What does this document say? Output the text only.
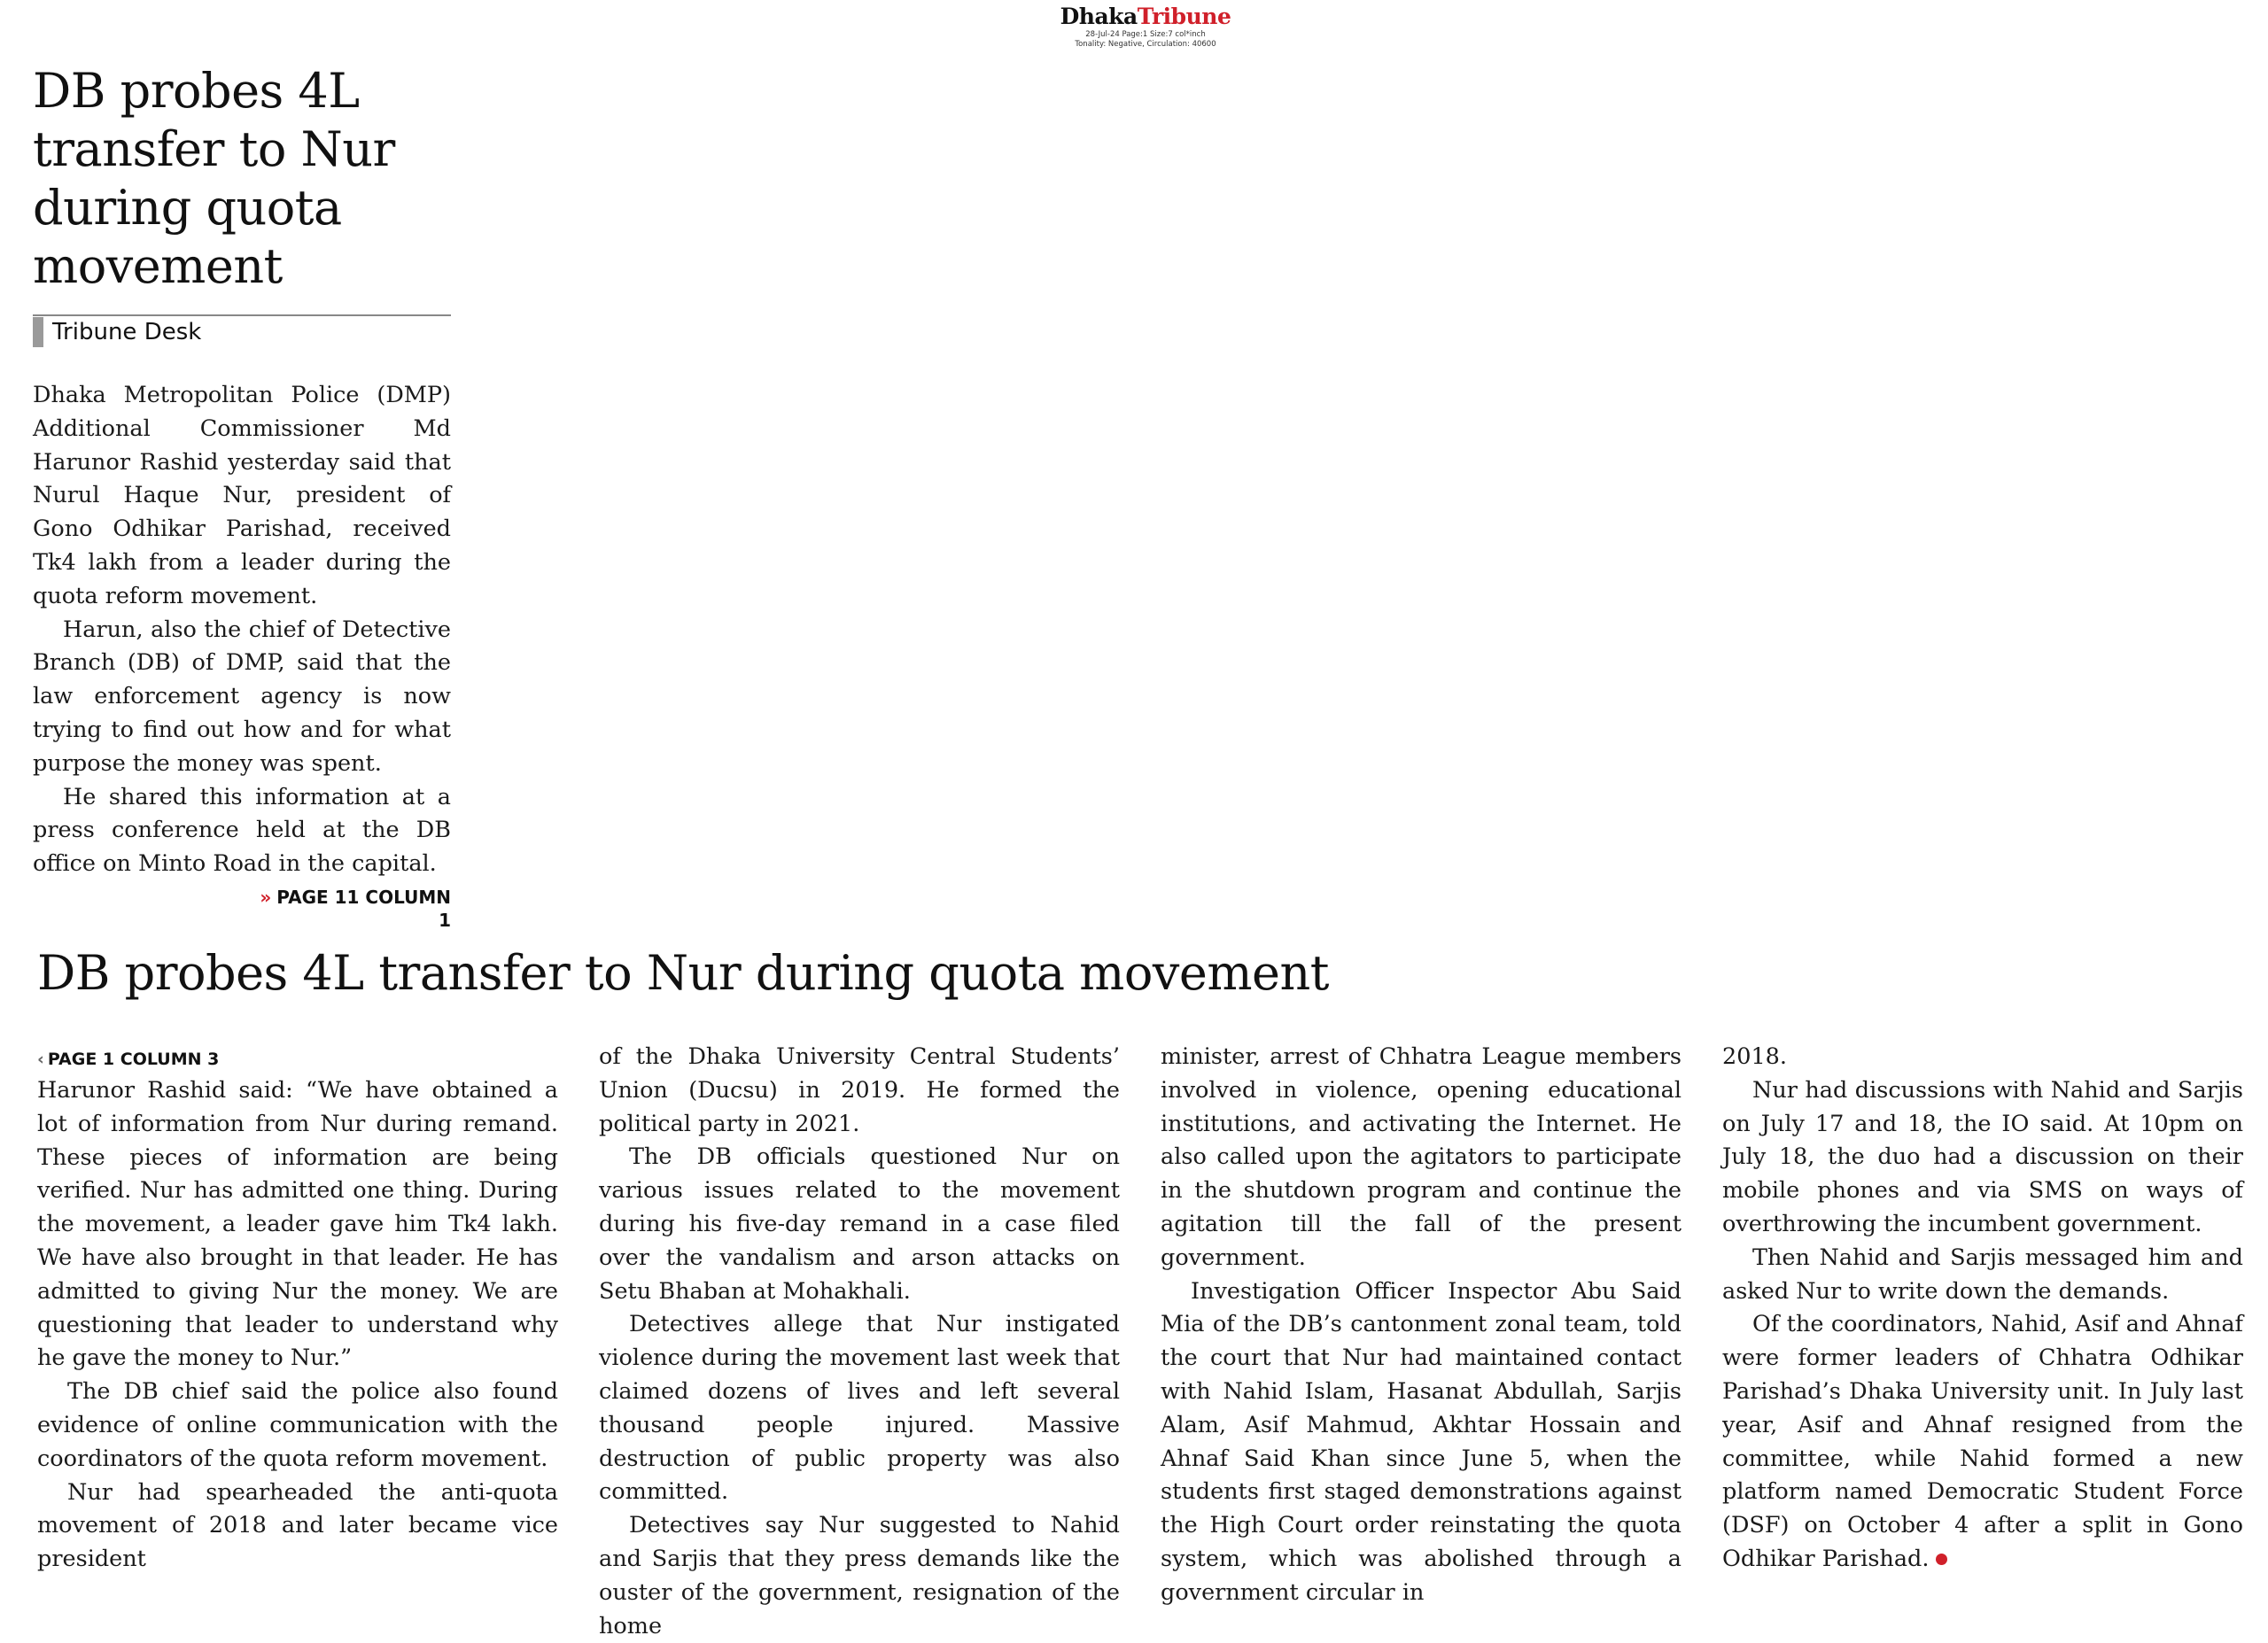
DhakaTribune
28-Jul-24 Page:1 Size:7 col*inch
Tonality: Negative, Circulation: 40600
DB probes 4L transfer to Nur during quota movement
Tribune Desk

Dhaka Metropolitan Police (DMP) Additional Commissioner Md Harunor Rashid yesterday said that Nurul Haque Nur, president of Gono Odhikar Parishad, received Tk4 lakh from a leader during the quota reform movement.

Harun, also the chief of Detective Branch (DB) of DMP, said that the law enforcement agency is now trying to find out how and for what purpose the money was spent.

He shared this information at a press conference held at the DB office on Minto Road in the capital.

» PAGE 11 COLUMN 1
DB probes 4L transfer to Nur during quota movement
‹ PAGE 1 COLUMN 3

Harunor Rashid said: “We have obtained a lot of information from Nur during remand. These pieces of information are being verified. Nur has admitted one thing. During the movement, a leader gave him Tk4 lakh. We have also brought in that leader. He has admitted to giving Nur the money. We are questioning that leader to understand why he gave the money to Nur.”

The DB chief said the police also found evidence of online communication with the coordinators of the quota reform movement.

Nur had spearheaded the anti-quota movement of 2018 and later became vice president

of the Dhaka University Central Students’ Union (Ducsu) in 2019. He formed the political party in 2021.

The DB officials questioned Nur on various issues related to the movement during his five-day remand in a case filed over the vandalism and arson attacks on Setu Bhaban at Mohakhali.

Detectives allege that Nur instigated violence during the movement last week that claimed dozens of lives and left several thousand people injured. Massive destruction of public property was also committed.

Detectives say Nur suggested to Nahid and Sarjis that they press demands like the ouster of the government, resignation of the home

minister, arrest of Chhatra League members involved in violence, opening educational institutions, and activating the Internet. He also called upon the agitators to participate in the shutdown program and continue the agitation till the fall of the present government.

Investigation Officer Inspector Abu Said Mia of the DB’s cantonment zonal team, told the court that Nur had maintained contact with Nahid Islam, Hasanat Abdullah, Sarjis Alam, Asif Mahmud, Akhtar Hossain and Ahnaf Said Khan since June 5, when the students first staged demonstrations against the High Court order reinstating the quota system, which was abolished through a government circular in

2018.

Nur had discussions with Nahid and Sarjis on July 17 and 18, the IO said. At 10pm on July 18, the duo had a discussion on their mobile phones and via SMS on ways of overthrowing the incumbent government.

Then Nahid and Sarjis messaged him and asked Nur to write down the demands.

Of the coordinators, Nahid, Asif and Ahnaf were former leaders of Chhatra Odhikar Parishad’s Dhaka University unit. In July last year, Asif and Ahnaf resigned from the committee, while Nahid formed a new platform named Democratic Student Force (DSF) on October 4 after a split in Gono Odhikar Parishad.
